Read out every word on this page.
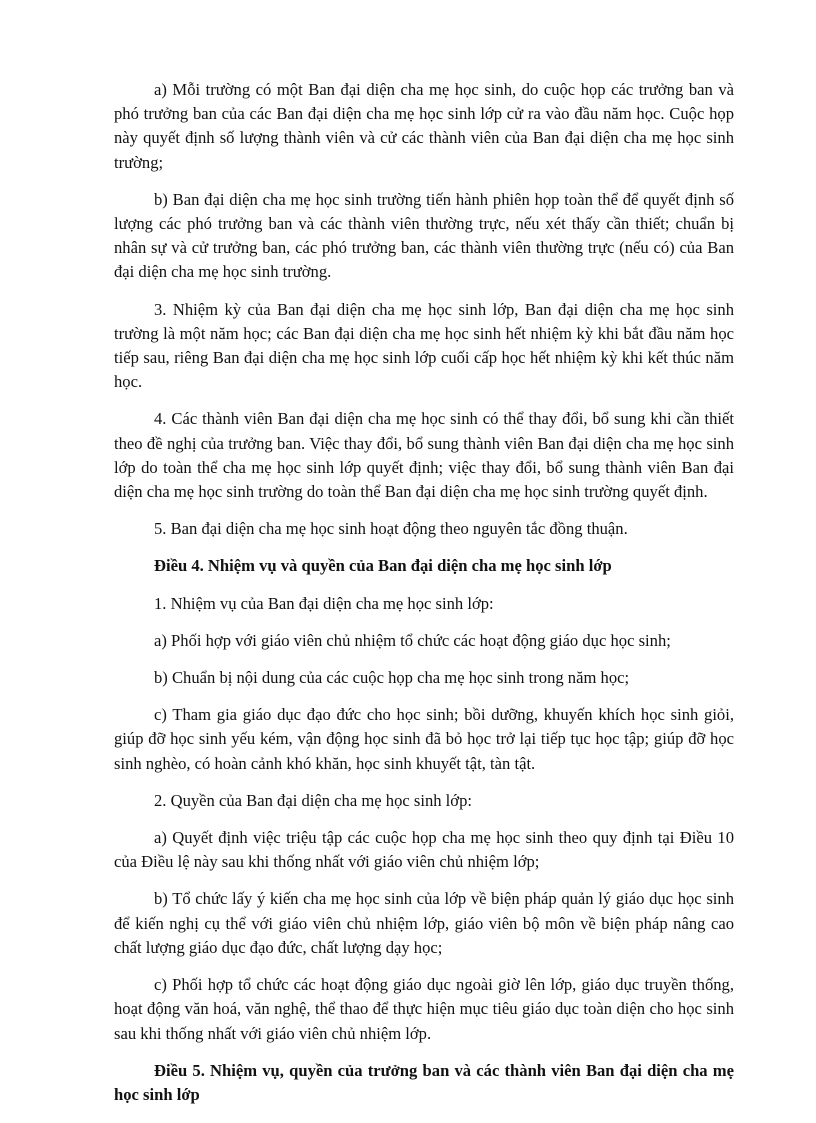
a) Mỗi trường có một Ban đại diện cha mẹ học sinh, do cuộc họp các trưởng ban và phó trưởng ban của các Ban đại diện cha mẹ học sinh lớp cử ra vào đầu năm học. Cuộc họp này quyết định số lượng thành viên và cử các thành viên của Ban đại diện cha mẹ học sinh trường;

b) Ban đại diện cha mẹ học sinh trường tiến hành phiên họp toàn thể để quyết định số lượng các phó trưởng ban và các thành viên thường trực, nếu xét thấy cần thiết; chuẩn bị nhân sự và cử trưởng ban, các phó trưởng ban, các thành viên thường trực (nếu có) của Ban đại diện cha mẹ học sinh trường.

3. Nhiệm kỳ của Ban đại diện cha mẹ học sinh lớp, Ban đại diện cha mẹ học sinh trường là một năm học; các Ban đại diện cha mẹ học sinh hết nhiệm kỳ khi bắt đầu năm học tiếp sau, riêng Ban đại diện cha mẹ học sinh lớp cuối cấp học hết nhiệm kỳ khi kết thúc năm học.

4. Các thành viên Ban đại diện cha mẹ học sinh có thể thay đổi, bổ sung khi cần thiết theo đề nghị của trưởng ban. Việc thay đổi, bổ sung thành viên Ban đại diện cha mẹ học sinh lớp do toàn thể cha mẹ học sinh lớp quyết định; việc thay đổi, bổ sung thành viên Ban đại diện cha mẹ học sinh trường do toàn thể Ban đại diện cha mẹ học sinh trường quyết định.

5. Ban đại diện cha mẹ học sinh hoạt động theo nguyên tắc đồng thuận.

Điều 4. Nhiệm vụ và quyền của Ban đại diện cha mẹ học sinh lớp

1. Nhiệm vụ của Ban đại diện cha mẹ học sinh lớp:

a) Phối hợp với giáo viên chủ nhiệm tổ chức các hoạt động giáo dục học sinh;

b) Chuẩn bị nội dung của các cuộc họp cha mẹ học sinh trong năm học;

c) Tham gia giáo dục đạo đức cho học sinh; bồi dưỡng, khuyến khích học sinh giỏi, giúp đỡ học sinh yếu kém, vận động học sinh đã bỏ học trở lại tiếp tục học tập; giúp đỡ học sinh nghèo, có hoàn cảnh khó khăn, học sinh khuyết tật, tàn tật.

2. Quyền của Ban đại diện cha mẹ học sinh lớp:

a) Quyết định việc triệu tập các cuộc họp cha mẹ học sinh theo quy định tại Điều 10 của Điều lệ này sau khi thống nhất với giáo viên chủ nhiệm lớp;

b) Tổ chức lấy ý kiến cha mẹ học sinh của lớp về biện pháp quản lý giáo dục học sinh để kiến nghị cụ thể với giáo viên chủ nhiệm lớp, giáo viên bộ môn về biện pháp nâng cao chất lượng giáo dục đạo đức, chất lượng dạy học;

c) Phối hợp tổ chức các hoạt động giáo dục ngoài giờ lên lớp, giáo dục truyền thống, hoạt động văn hoá, văn nghệ, thể thao để thực hiện mục tiêu giáo dục toàn diện cho học sinh sau khi thống nhất với giáo viên chủ nhiệm lớp.

Điều 5. Nhiệm vụ, quyền của trưởng ban và các thành viên Ban đại diện cha mẹ học sinh lớp
